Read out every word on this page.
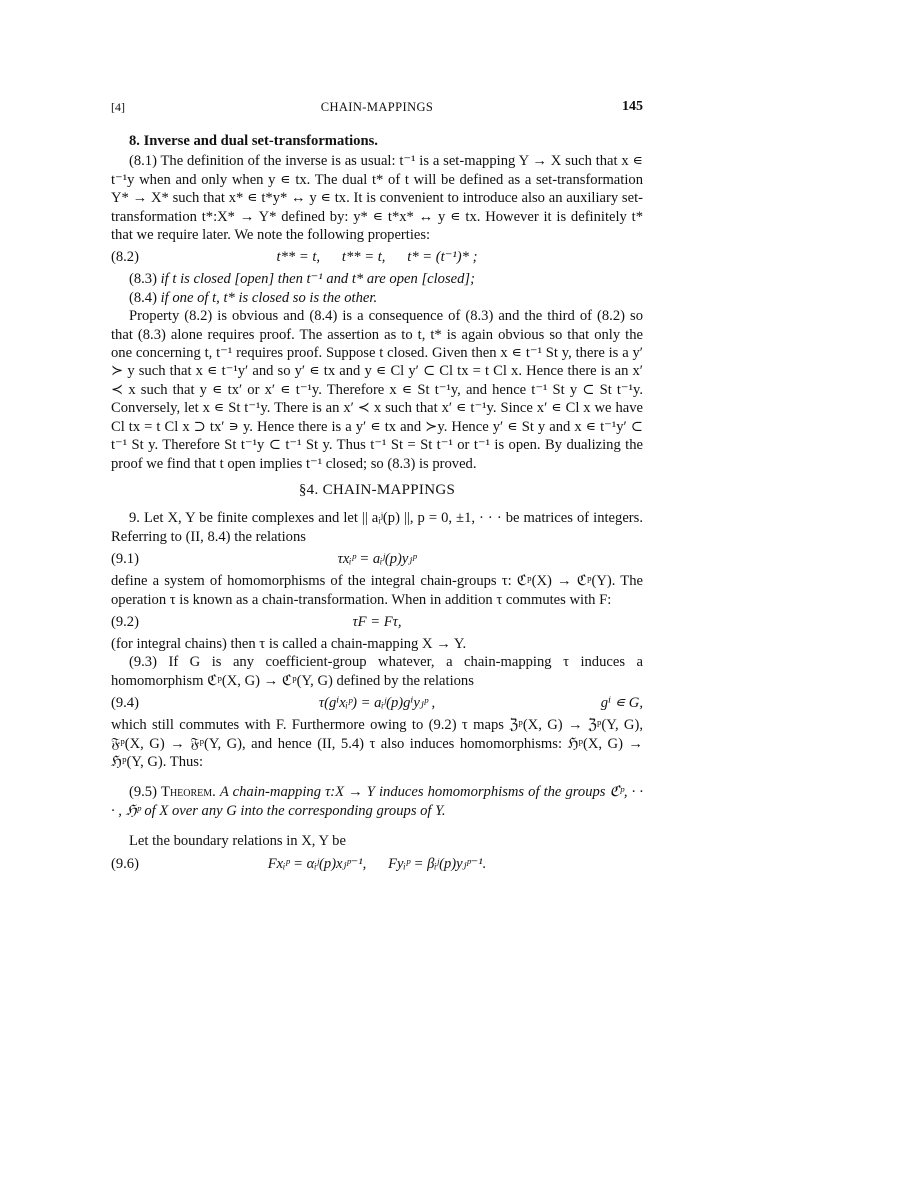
[4]	CHAIN-MAPPINGS	145

8. Inverse and dual set-transformations.

(8.1) The definition of the inverse is as usual: t⁻¹ is a set-mapping Y → X such that x ∊ t⁻¹y when and only when y ∊ tx. The dual t* of t will be defined as a set-transformation Y* → X* such that x* ∊ t*y* ↔ y ∊ tx. It is convenient to introduce also an auxiliary set-transformation t*:X* → Y* defined by: y* ∊ t*x* ↔ y ∊ tx. However it is definitely t* that we require later. We note the following properties:

(8.2)	t** = t,      t** = t,      t* = (t⁻¹)* ;

(8.3) if t is closed [open] then t⁻¹ and t* are open [closed];

(8.4) if one of t, t* is closed so is the other.

Property (8.2) is obvious and (8.4) is a consequence of (8.3) and the third of (8.2) so that (8.3) alone requires proof. The assertion as to t, t* is again obvious so that only the one concerning t, t⁻¹ requires proof. Suppose t closed. Given then x ∊ t⁻¹ St y, there is a y′ ≻ y such that x ∊ t⁻¹y′ and so y′ ∊ tx and y ∊ Cl y′ ⊂ Cl tx = t Cl x. Hence there is an x′ ≺ x such that y ∊ tx′ or x′ ∊ t⁻¹y. Therefore x ∊ St t⁻¹y, and hence t⁻¹ St y ⊂ St t⁻¹y. Conversely, let x ∊ St t⁻¹y. There is an x′ ≺ x such that x′ ∊ t⁻¹y. Since x′ ∊ Cl x we have Cl tx = t Cl x ⊃ tx′ ∍ y. Hence there is a y′ ∊ tx and ≻y. Hence y′ ∊ St y and x ∊ t⁻¹y′ ⊂ t⁻¹ St y. Therefore St t⁻¹y ⊂ t⁻¹ St y. Thus t⁻¹ St = St t⁻¹ or t⁻¹ is open. By dualizing the proof we find that t open implies t⁻¹ closed; so (8.3) is proved.

§4. CHAIN-MAPPINGS

9. Let X, Y be finite complexes and let || aᵢʲ(p) ||, p = 0, ±1, · · · be matrices of integers. Referring to (II, 8.4) the relations

(9.1)	τxᵢᵖ = aᵢʲ(p)yⱼᵖ

define a system of homomorphisms of the integral chain-groups τ: ℭᵖ(X) → ℭᵖ(Y). The operation τ is known as a chain-transformation. When in addition τ commutes with F:

(9.2)	τF = Fτ,

(for integral chains) then τ is called a chain-mapping X → Y.

(9.3) If G is any coefficient-group whatever, a chain-mapping τ induces a homomorphism ℭᵖ(X, G) → ℭᵖ(Y, G) defined by the relations

(9.4)	τ(gⁱxᵢᵖ) = aᵢʲ(p)gⁱyⱼᵖ ,	gⁱ ∊ G,

which still commutes with F. Furthermore owing to (9.2) τ maps ℨᵖ(X, G) → ℨᵖ(Y, G), 𝔉ᵖ(X, G) → 𝔉ᵖ(Y, G), and hence (II, 5.4) τ also induces homomorphisms: ℌᵖ(X, G) → ℌᵖ(Y, G). Thus:

(9.5) Theorem. A chain-mapping τ:X → Y induces homomorphisms of the groups ℭᵖ, · · · , ℌᵖ of X over any G into the corresponding groups of Y.

Let the boundary relations in X, Y be

(9.6)	Fxᵢᵖ = αᵢʲ(p)xⱼᵖ⁻¹,      Fyᵢᵖ = βᵢʲ(p)yⱼᵖ⁻¹.
